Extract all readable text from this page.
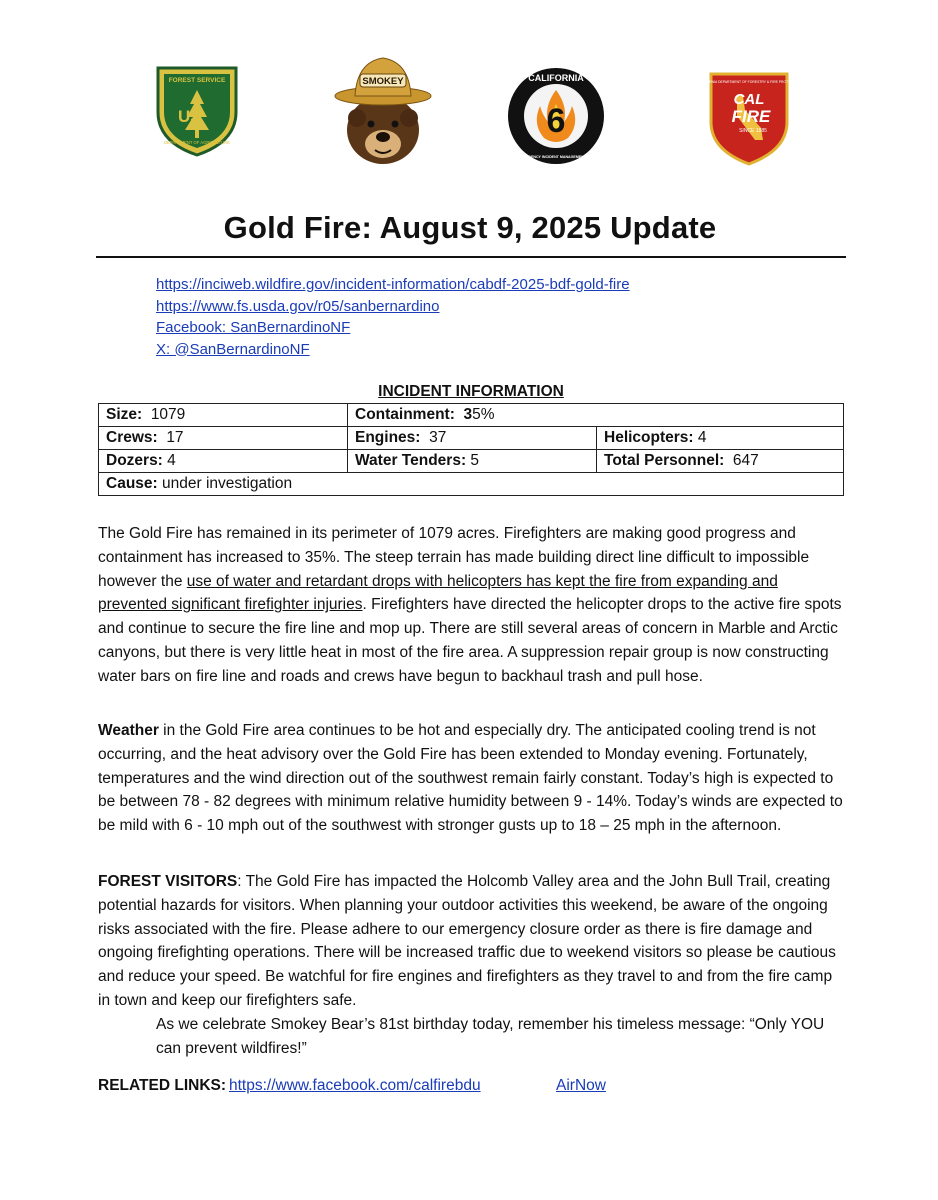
US
FOREST SERVICE
DEPARTMENT OF AGRICULTURE
SMOKEY
6
CALIFORNIA
INTERAGENCY INCIDENT MANAGEMENT TEAM
CAL
FIRE
SINCE 1885
CALIFORNIA DEPARTMENT OF FORESTRY & FIRE PROTECTION
Gold Fire: August 9, 2025 Update
https://inciweb.wildfire.gov/incident-information/cabdf-2025-bdf-gold-fire
https://www.fs.usda.gov/r05/sanbernardino
Facebook: SanBernardinoNF
X: @SanBernardinoNF
INCIDENT INFORMATION
Size: 1079	Containment: 35%	
Crews: 17	Engines: 37	Helicopters: 4
Dozers: 4	Water Tenders: 5	Total Personnel: 647
Cause: under investigation		
The Gold Fire has remained in its perimeter of 1079 acres. Firefighters are making good progress and containment has increased to 35%. The steep terrain has made building direct line difficult to impossible however the use of water and retardant drops with helicopters has kept the fire from expanding and prevented significant firefighter injuries. Firefighters have directed the helicopter drops to the active fire spots and continue to secure the fire line and mop up. There are still several areas of concern in Marble and Arctic canyons, but there is very little heat in most of the fire area. A suppression repair group is now constructing water bars on fire line and roads and crews have begun to backhaul trash and pull hose.
Weather in the Gold Fire area continues to be hot and especially dry. The anticipated cooling trend is not occurring, and the heat advisory over the Gold Fire has been extended to Monday evening. Fortunately, temperatures and the wind direction out of the southwest remain fairly constant. Today’s high is expected to be between 78 - 82 degrees with minimum relative humidity between 9 - 14%. Today’s winds are expected to be mild with 6 - 10 mph out of the southwest with stronger gusts up to 18 – 25 mph in the afternoon.
FOREST VISITORS: The Gold Fire has impacted the Holcomb Valley area and the John Bull Trail, creating potential hazards for visitors. When planning your outdoor activities this weekend, be aware of the ongoing risks associated with the fire. Please adhere to our emergency closure order as there is fire damage and ongoing firefighting operations. There will be increased traffic due to weekend visitors so please be cautious and reduce your speed. Be watchful for fire engines and firefighters as they travel to and from the fire camp in town and keep our firefighters safe.
As we celebrate Smokey Bear’s 81st birthday today, remember his timeless message: “Only YOU can prevent wildfires!”
RELATED LINKS: https://www.facebook.com/calfirebdu	AirNow
